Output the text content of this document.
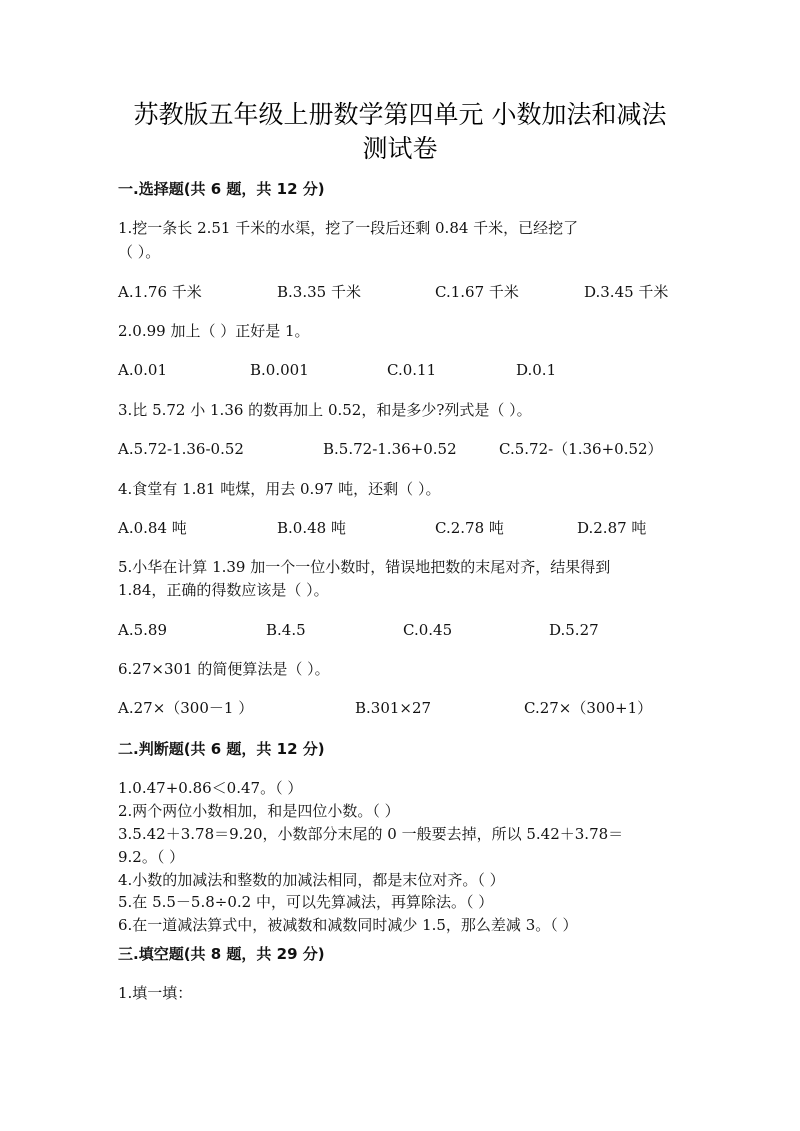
苏教版五年级上册数学第四单元 小数加法和减法
测试卷
一.选择题(共 6 题，共 12 分)
1.挖一条长 2.51 千米的水渠，挖了一段后还剩 0.84 千米，已经挖了
（ ）。
A.1.76 千米	B.3.35 千米	C.1.67 千米	D.3.45 千米
2.0.99 加上（ ）正好是 1。
A.0.01	B.0.001	C.0.11	D.0.1
3.比 5.72 小 1.36 的数再加上 0.52，和是多少?列式是（ ）。
A.5.72-1.36-0.52	B.5.72-1.36+0.52	C.5.72-（1.36+0.52）
4.食堂有 1.81 吨煤，用去 0.97 吨，还剩（ ）。
A.0.84 吨	B.0.48 吨	C.2.78 吨	D.2.87 吨
5.小华在计算 1.39 加一个一位小数时，错误地把数的末尾对齐，结果得到
1.84，正确的得数应该是（ ）。
A.5.89	B.4.5	C.0.45	D.5.27
6.27×301 的简便算法是（ ）。
A.27×（300－1 ）	B.301×27	C.27×（300+1）
二.判断题(共 6 题，共 12 分)
1.0.47+0.86＜0.47。（ ）
2.两个两位小数相加，和是四位小数。（ ）
3.5.42＋3.78＝9.20，小数部分末尾的 0 一般要去掉，所以 5.42＋3.78＝
9.2。（ ）
4.小数的加减法和整数的加减法相同，都是末位对齐。（ ）
5.在 5.5－5.8÷0.2 中，可以先算减法，再算除法。（ ）
6.在一道减法算式中，被减数和减数同时减少 1.5，那么差减 3。（ ）
三.填空题(共 8 题，共 29 分)
1.填一填：
